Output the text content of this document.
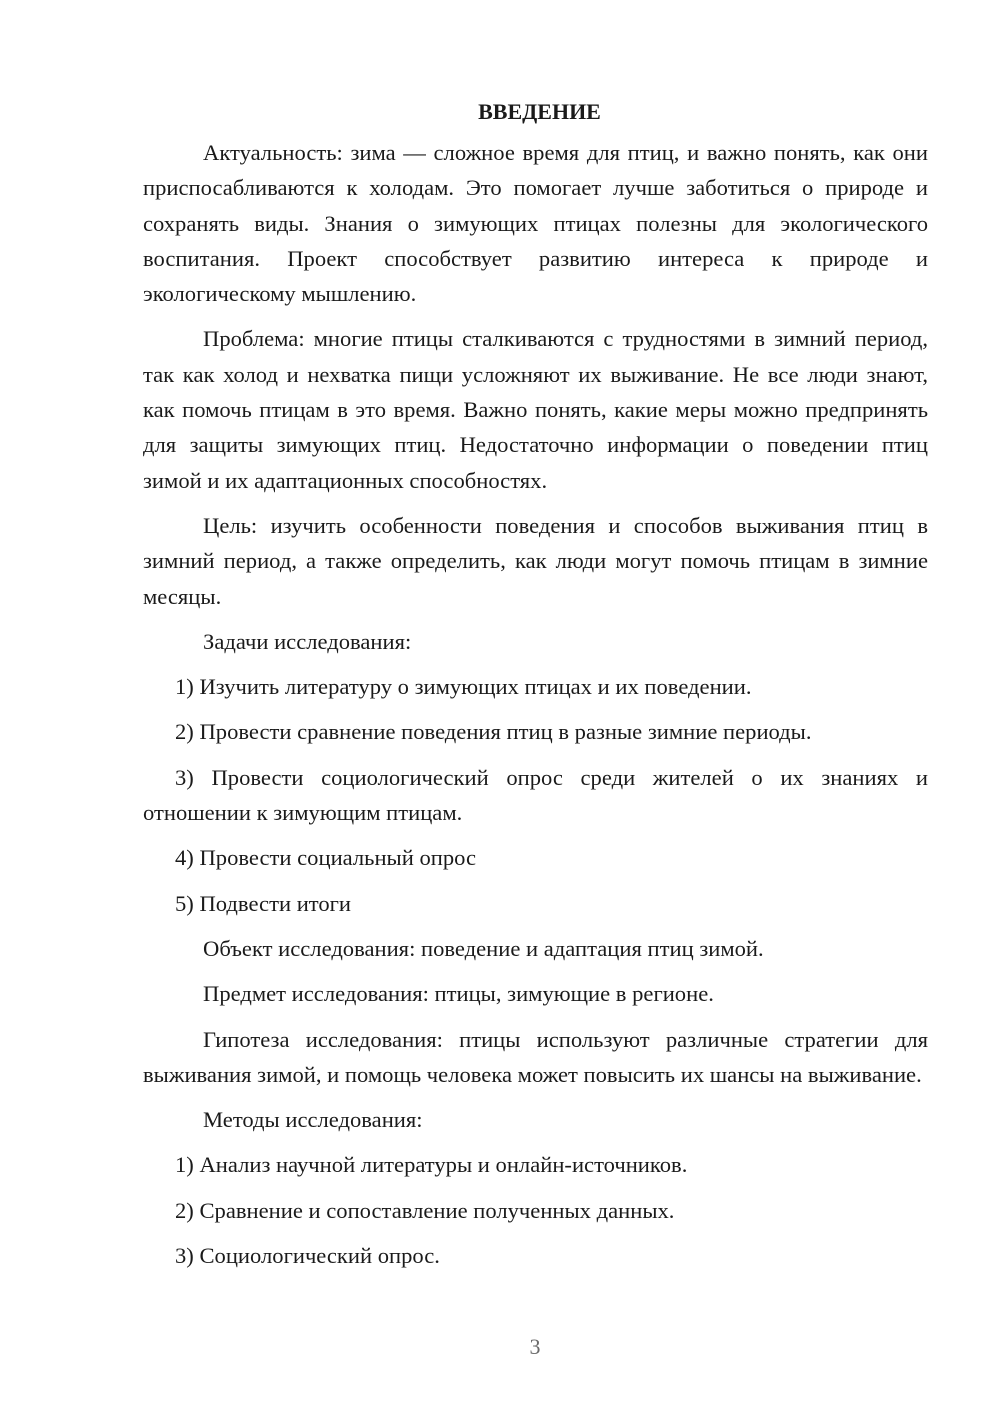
ВВЕДЕНИЕ

Актуальность: зима — сложное время для птиц, и важно понять, как они приспосабливаются к холодам. Это помогает лучше заботиться о природе и сохранять виды. Знания о зимующих птицах полезны для экологического воспитания. Проект способствует развитию интереса к природе и экологическому мышлению.

Проблема: многие птицы сталкиваются с трудностями в зимний период, так как холод и нехватка пищи усложняют их выживание. Не все люди знают, как помочь птицам в это время. Важно понять, какие меры можно предпринять для защиты зимующих птиц. Недостаточно информации о поведении птиц зимой и их адаптационных способностях.

Цель: изучить особенности поведения и способов выживания птиц в зимний период, а также определить, как люди могут помочь птицам в зимние месяцы.

Задачи исследования:

1) Изучить литературу о зимующих птицах и их поведении.

2) Провести сравнение поведения птиц в разные зимние периоды.

3) Провести социологический опрос среди жителей о их знаниях и отношении к зимующим птицам.

4) Провести социальный опрос

5) Подвести итоги

Объект исследования: поведение и адаптация птиц зимой.

Предмет исследования: птицы, зимующие в регионе.

Гипотеза исследования: птицы используют различные стратегии для выживания зимой, и помощь человека может повысить их шансы на выживание.

Методы исследования:

1) Анализ научной литературы и онлайн-источников.

2) Сравнение и сопоставление полученных данных.

3) Социологический опрос.

3
